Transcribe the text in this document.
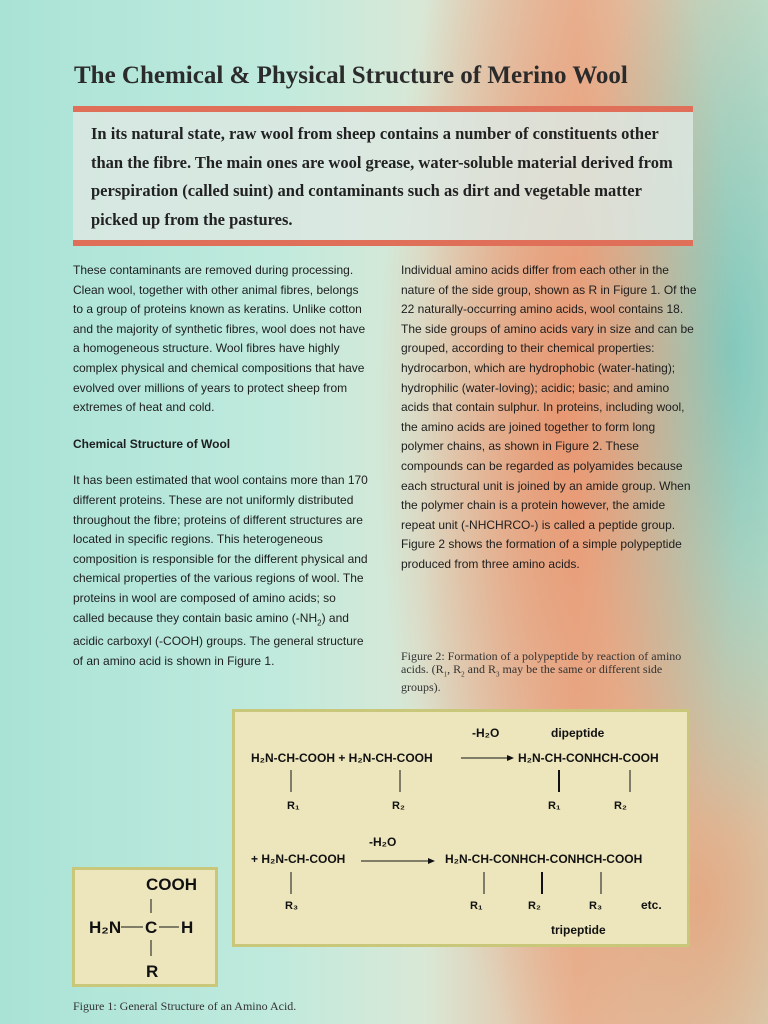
The Chemical & Physical Structure of Merino Wool

In its natural state, raw wool from sheep contains a number of constituents other than the fibre. The main ones are wool grease, water-soluble material derived from perspiration (called suint) and contaminants such as dirt and vegetable matter picked up from the pastures.

These contaminants are removed during processing. Clean wool, together with other animal fibres, belongs to a group of proteins known as keratins. Unlike cotton and the majority of synthetic fibres, wool does not have a homogeneous structure. Wool fibres have highly complex physical and chemical compositions that have evolved over millions of years to protect sheep from extremes of heat and cold.

Chemical Structure of Wool

It has been estimated that wool contains more than 170 different proteins. These are not uniformly distributed throughout the fibre; proteins of different structures are located in specific regions. This heterogeneous composition is responsible for the different physical and chemical properties of the various regions of wool. The proteins in wool are composed of amino acids; so called because they contain basic amino $(-NH_2)$ and acidic carboxyl (-COOH) groups. The general structure of an amino acid is shown in Figure 1.

Individual amino acids differ from each other in the nature of the side group, shown as R in Figure 1. Of the 22 naturally-occurring amino acids, wool contains 18. The side groups of amino acids vary in size and can be grouped, according to their chemical properties: hydrocarbon, which are hydrophobic (water-hating); hydrophilic (water-loving); acidic; basic; and amino acids that contain sulphur. In proteins, including wool, the amino acids are joined together to form long polymer chains, as shown in Figure 2. These compounds can be regarded as polyamides because each structural unit is joined by an amide group. When the polymer chain is a protein however, the amide repeat unit (-NHCHRCO-) is called a peptide group. Figure 2 shows the formation of a simple polypeptide produced from three amino acids.

Figure 2: Formation of a polypeptide by reaction of amino acids. ($R_1$, $R_2$ and $R_3$ may be the same or different side groups).
-H₂O	dipeptide
H₂N-CH-COOH + H₂N-CH-COOH	H₂N-CH-CONHCH-COOH
R₁	R₂	R₁	R₂
-H₂O
+ H₂N-CH-COOH	H₂N-CH-CONHCH-CONHCH-COOH
R₃	R₁	R₂	R₃	etc.
tripeptide
COOH
H₂N C H
R
Figure 1: General Structure of an Amino Acid.
